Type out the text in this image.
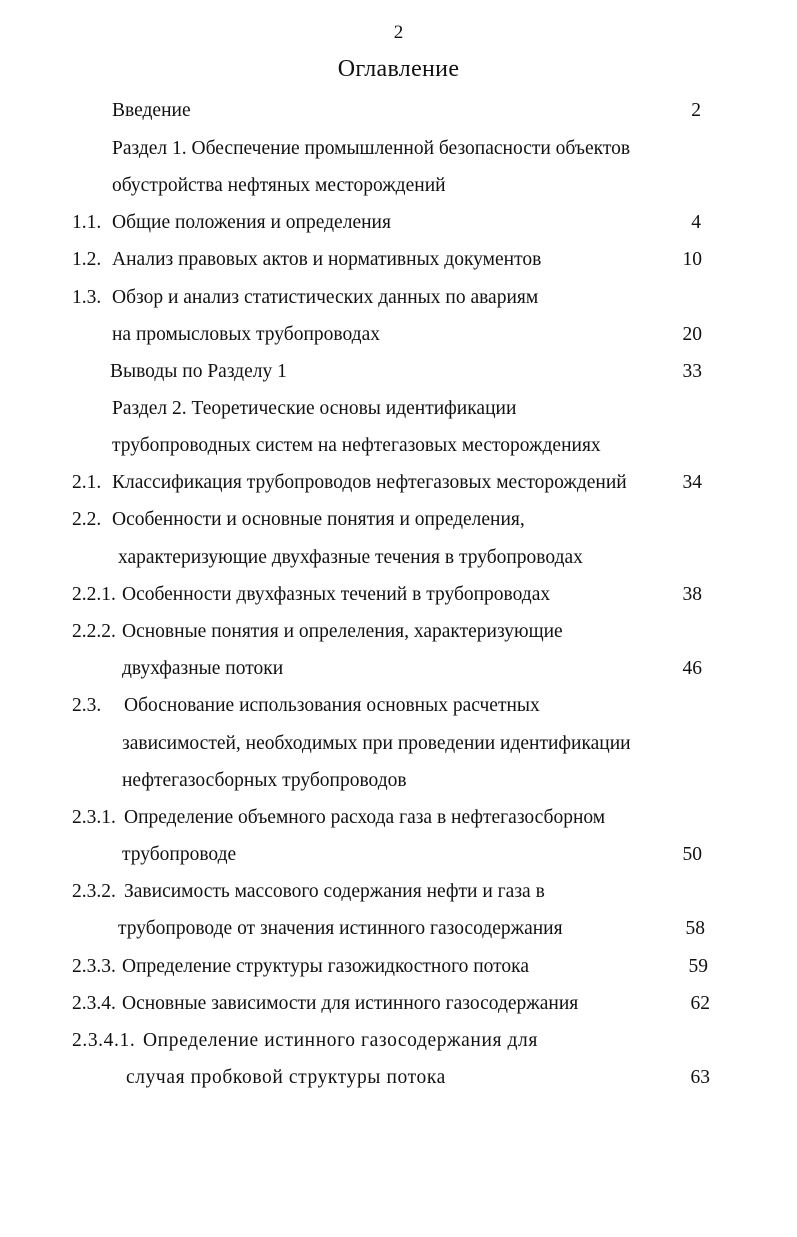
2
Оглавление
Введение	2
Раздел 1. Обеспечение промышленной безопасности объектов
обустройства нефтяных месторождений
1.1. Общие положения и определения	4
1.2. Анализ правовых актов и нормативных документов	10
1.3. Обзор и анализ статистических данных по авариям
на промысловых трубопроводах	20
Выводы по Разделу 1	33
Раздел 2. Теоретические основы идентификации
трубопроводных систем на нефтегазовых месторождениях
2.1. Классификация трубопроводов нефтегазовых месторождений	34
2.2. Особенности и основные понятия и определения,
характеризующие двухфазные течения в трубопроводах
2.2.1. Особенности двухфазных течений в трубопроводах	38
2.2.2. Основные понятия и опрелеления, характеризующие
двухфазные потоки	46
2.3. Обоснование использования основных расчетных
зависимостей, необходимых при проведении идентификации
нефтегазосборных трубопроводов
2.3.1. Определение объемного расхода газа в нефтегазосборном
трубопроводе	50
2.3.2. Зависимость массового содержания нефти и газа в
трубопроводе от значения истинного газосодержания	58
2.3.3. Определение структуры газожидкостного потока	59
2.3.4. Основные зависимости для истинного газосодержания	62
2.3.4.1. Определение истинного газосодержания для
случая пробковой структуры потока	63
